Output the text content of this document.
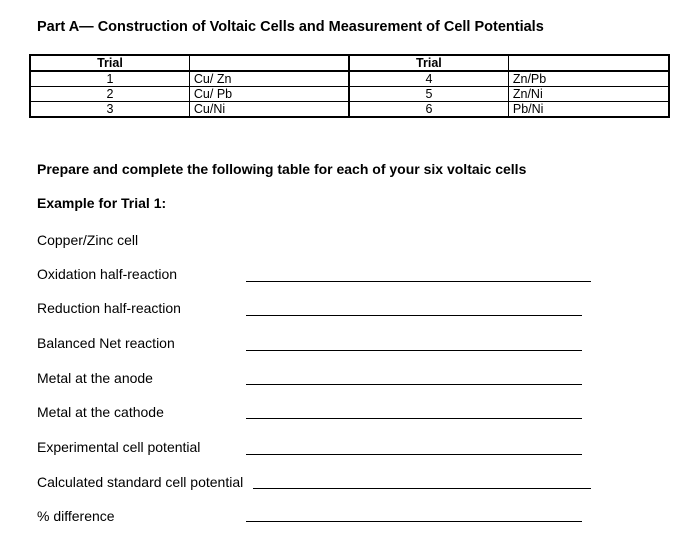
Part A— Construction of Voltaic Cells and Measurement of Cell Potentials
Trial		Trial	
1	Cu/ Zn	4	Zn/Pb
2	Cu/ Pb	5	Zn/Ni
3	Cu/Ni	6	Pb/Ni
Prepare and complete the following table for each of your six voltaic cells
Example for Trial 1:
Copper/Zinc cell
Oxidation half-reaction
Reduction half-reaction
Balanced Net reaction
Metal at the anode
Metal at the cathode
Experimental cell potential
Calculated standard cell potential
% difference
